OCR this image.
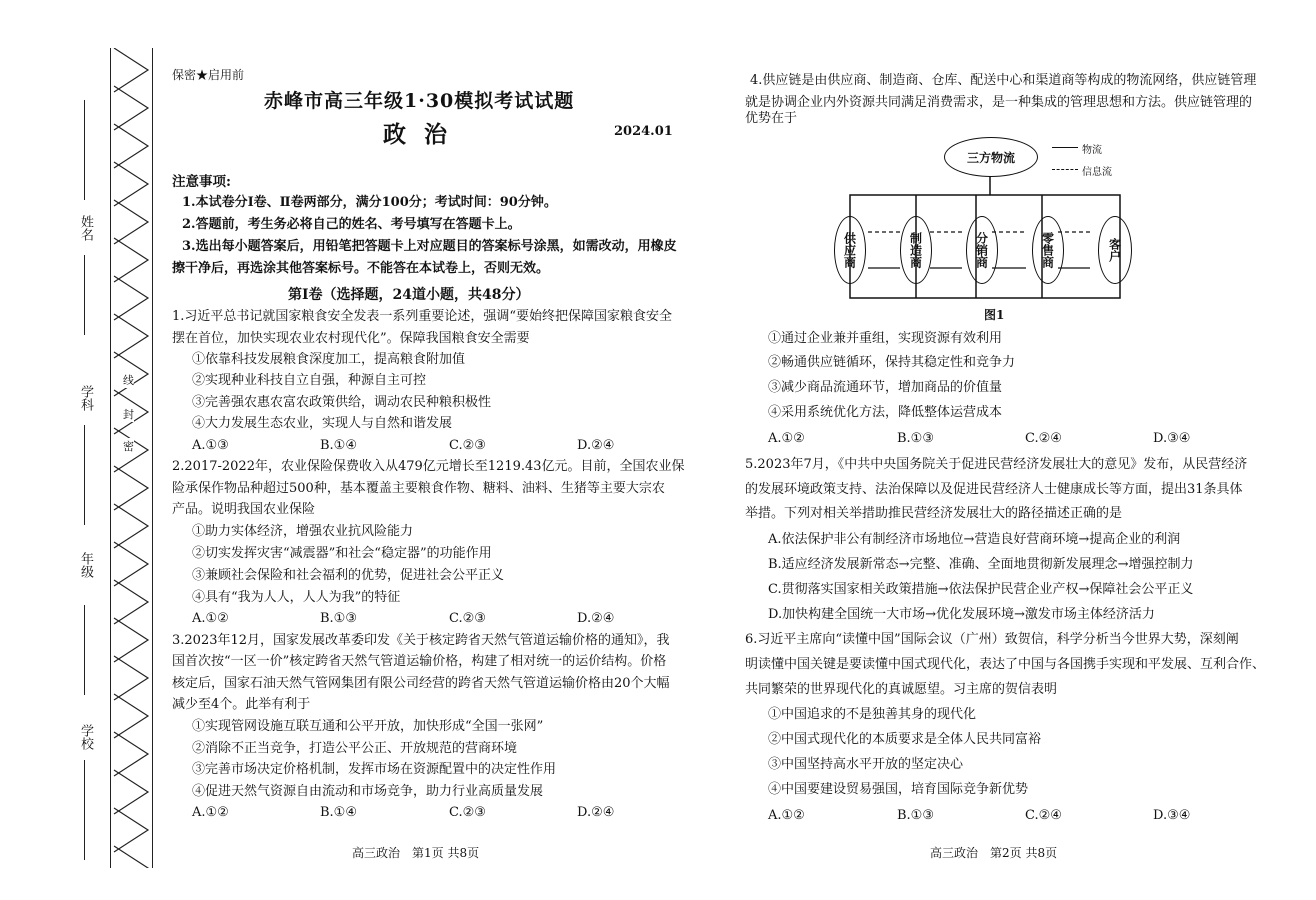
姓名
学科
年级
学校
密
封
线
保密★启用前
赤峰市高三年级1·30模拟考试试题
政治	2024.01
注意事项:
1.本试卷分Ⅰ卷、Ⅱ卷两部分，满分100分；考试时间：90分钟。
2.答题前，考生务必将自己的姓名、考号填写在答题卡上。
3.选出每小题答案后，用铅笔把答题卡上对应题目的答案标号涂黑，如需改动，用橡皮
擦干净后，再选涂其他答案标号。不能答在本试卷上，否则无效。
第Ⅰ卷（选择题，24道小题，共48分）
1.习近平总书记就国家粮食安全发表一系列重要论述，强调“要始终把保障国家粮食安全
摆在首位，加快实现农业农村现代化”。保障我国粮食安全需要
①依靠科技发展粮食深度加工，提高粮食附加值
②实现种业科技自立自强，种源自主可控
③完善强农惠农富农政策供给，调动农民种粮积极性
④大力发展生态农业，实现人与自然和谐发展
A.①③	B.①④	C.②③	D.②④
2.2017-2022年，农业保险保费收入从479亿元增长至1219.43亿元。目前，全国农业保
险承保作物品种超过500种，基本覆盖主要粮食作物、糖料、油料、生猪等主要大宗农
产品。说明我国农业保险
①助力实体经济，增强农业抗风险能力
②切实发挥灾害“减震器”和社会“稳定器”的功能作用
③兼顾社会保险和社会福利的优势，促进社会公平正义
④具有“我为人人，人人为我”的特征
A.①②	B.①③	C.②③	D.②④
3.2023年12月，国家发展改革委印发《关于核定跨省天然气管道运输价格的通知》，我
国首次按“一区一价”核定跨省天然气管道运输价格，构建了相对统一的运价结构。价格
核定后，国家石油天然气管网集团有限公司经营的跨省天然气管道运输价格由20个大幅
减少至4个。此举有利于
①实现管网设施互联互通和公平开放，加快形成“全国一张网”
②消除不正当竞争，打造公平公正、开放规范的营商环境
③完善市场决定价格机制，发挥市场在资源配置中的决定性作用
④促进天然气资源自由流动和市场竞争，助力行业高质量发展
A.①②	B.①④	C.②③	D.②④
高三政治　第1页 共8页
4.供应链是由供应商、制造商、仓库、配送中心和渠道商等构成的物流网络，供应链管理
就是协调企业内外资源共同满足消费需求，是一种集成的管理思想和方法。供应链管理的
优势在于
三方物流	物流
信息流
供应商	制造商	分销商	零售商	客户
图1
①通过企业兼并重组，实现资源有效利用
②畅通供应链循环，保持其稳定性和竞争力
③减少商品流通环节，增加商品的价值量
④采用系统优化方法，降低整体运营成本
A.①②	B.①③	C.②④	D.③④
5.2023年7月，《中共中央国务院关于促进民营经济发展壮大的意见》发布，从民营经济
的发展环境政策支持、法治保障以及促进民营经济人士健康成长等方面，提出31条具体
举措。下列对相关举措助推民营经济发展壮大的路径描述正确的是
A.依法保护非公有制经济市场地位→营造良好营商环境→提高企业的利润
B.适应经济发展新常态→完整、准确、全面地贯彻新发展理念→增强控制力
C.贯彻落实国家相关政策措施→依法保护民营企业产权→保障社会公平正义
D.加快构建全国统一大市场→优化发展环境→激发市场主体经济活力
6.习近平主席向“读懂中国”国际会议（广州）致贺信，科学分析当今世界大势，深刻阐
明读懂中国关键是要读懂中国式现代化，表达了中国与各国携手实现和平发展、互利合作、
共同繁荣的世界现代化的真诚愿望。习主席的贺信表明
①中国追求的不是独善其身的现代化
②中国式现代化的本质要求是全体人民共同富裕
③中国坚持高水平开放的坚定决心
④中国要建设贸易强国，培育国际竞争新优势
A.①②	B.①③	C.②④	D.③④
高三政治　第2页 共8页
